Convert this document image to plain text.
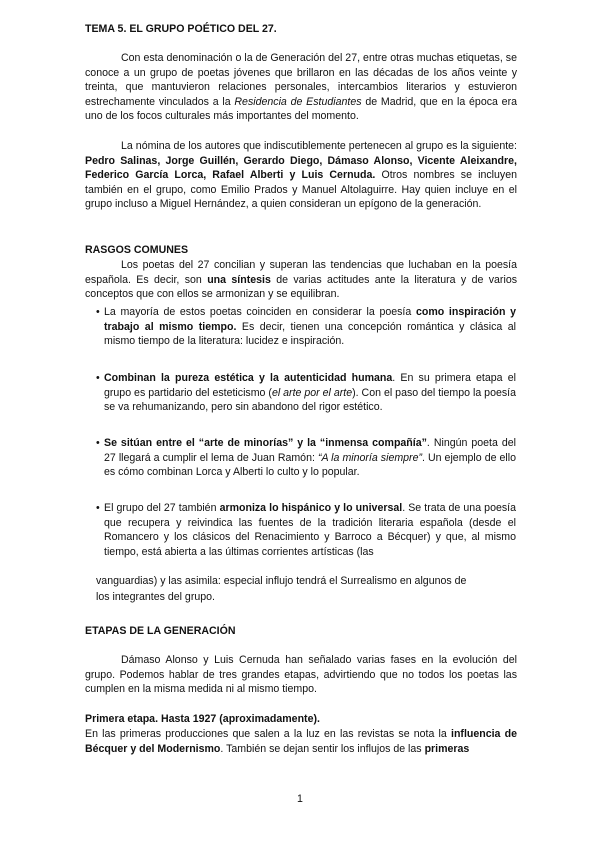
TEMA 5. EL GRUPO POÉTICO DEL 27.

Con esta denominación o la de Generación del 27, entre otras muchas etiquetas, se conoce a un grupo de poetas jóvenes que brillaron en las décadas de los años veinte y treinta, que mantuvieron relaciones personales, intercambios literarios y estuvieron estrechamente vinculados a la Residencia de Estudiantes de Madrid, que en la época era uno de los focos culturales más importantes del momento.

La nómina de los autores que indiscutiblemente pertenecen al grupo es la siguiente: Pedro Salinas, Jorge Guillén, Gerardo Diego, Dámaso Alonso, Vicente Aleixandre, Federico García Lorca, Rafael Alberti y Luis Cernuda. Otros nombres se incluyen también en el grupo, como Emilio Prados y Manuel Altolaguirre. Hay quien incluye en el grupo incluso a Miguel Hernández, a quien consideran un epígono de la generación.

RASGOS COMUNES

Los poetas del 27 concilian y superan las tendencias que luchaban en la poesía española. Es decir, son una síntesis de varias actitudes ante la literatura y de varios conceptos que con ellos se armonizan y se equilibran.

• La mayoría de estos poetas coinciden en considerar la poesía como inspiración y trabajo al mismo tiempo. Es decir, tienen una concepción romántica y clásica al mismo tiempo de la literatura: lucidez e inspiración.

• Combinan la pureza estética y la autenticidad humana. En su primera etapa el grupo es partidario del esteticismo (el arte por el arte). Con el paso del tiempo la poesía se va rehumanizando, pero sin abandono del rigor estético.

• Se sitúan entre el “arte de minorías” y la “inmensa compañía”. Ningún poeta del 27 llegará a cumplir el lema de Juan Ramón: “A la minoría siempre”. Un ejemplo de ello es cómo combinan Lorca y Alberti lo culto y lo popular.

• El grupo del 27 también armoniza lo hispánico y lo universal. Se trata de una poesía que recupera y reivindica las fuentes de la tradición literaria española (desde el Romancero y los clásicos del Renacimiento y Barroco a Bécquer) y que, al mismo tiempo, está abierta a las últimas corrientes artísticas (las

vanguardias) y las asimila: especial influjo tendrá el Surrealismo en algunos de

los integrantes del grupo.

ETAPAS DE LA GENERACIÓN

Dámaso Alonso y Luis Cernuda han señalado varias fases en la evolución del grupo. Podemos hablar de tres grandes etapas, advirtiendo que no todos los poetas las cumplen en la misma medida ni al mismo tiempo.

Primera etapa. Hasta 1927 (aproximadamente).

En las primeras producciones que salen a la luz en las revistas se nota la influencia de Bécquer y del Modernismo. También se dejan sentir los influjos de las primeras

1
